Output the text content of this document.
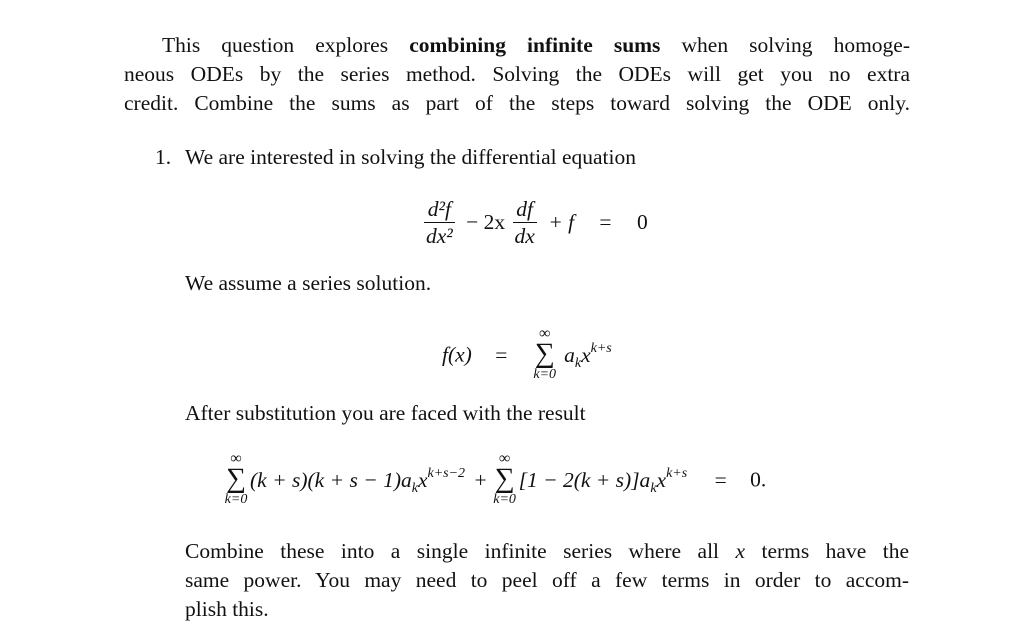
This question explores combining infinite sums when solving homoge-
neous ODEs by the series method. Solving the ODEs will get you no extra
credit. Combine the sums as part of the steps toward solving the ODE only.
1. We are interested in solving the differential equation
$\frac{\text{d²f}}{\text{dx²}} - 2x \frac{df}{dx} + f = 0$
We assume a series solution.
f(x) =
∞
∑
k=0
$a_kx^{k+s}$
After substitution you are faced with the result
∞
∑
k=0
$(k + s)(k + s - 1)a_kx^{k+s-2}$ +
∞
∑
k=0
$[1 - 2(k + s)]a_kx^{k+s} = 0$.
Combine these into a single infinite series where all x terms have the
same power. You may need to peel off a few terms in order to accom-
plish this.
